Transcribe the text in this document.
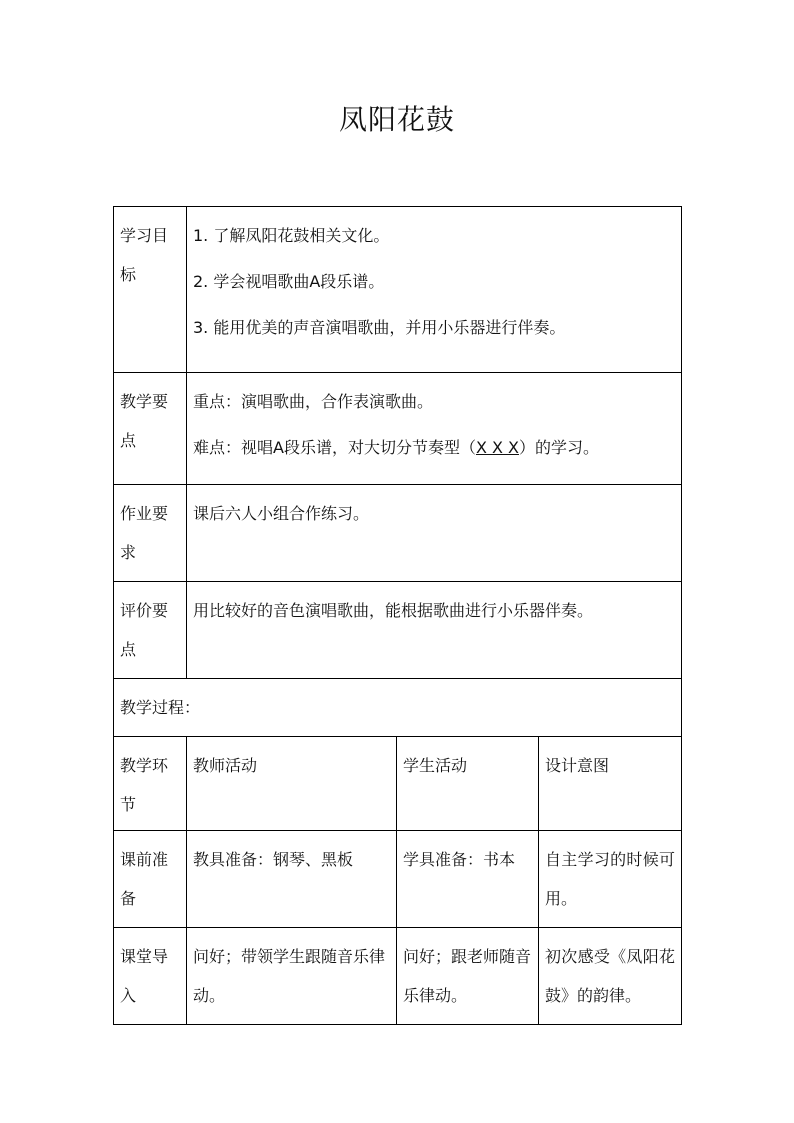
凤阳花鼓
学习目标	1. 了解凤阳花鼓相关文化。
2. 学会视唱歌曲A段乐谱。
3. 能用优美的声音演唱歌曲，并用小乐器进行伴奏。		

教学要点	重点：演唱歌曲，合作表演歌曲。
难点：视唱A段乐谱，对大切分节奏型（X X X）的学习。		

作业要求	课后六人小组合作练习。		
评价要点	用比较好的音色演唱歌曲，能根据歌曲进行小乐器伴奏。		
教学过程：			
教学环节	教师活动	学生活动	设计意图
课前准备	教具准备：钢琴、黑板	学具准备：书本	自主学习的时候可用。
课堂导入	问好；带领学生跟随音乐律动。	问好；跟老师随音乐律动。	初次感受《凤阳花鼓》的韵律。
